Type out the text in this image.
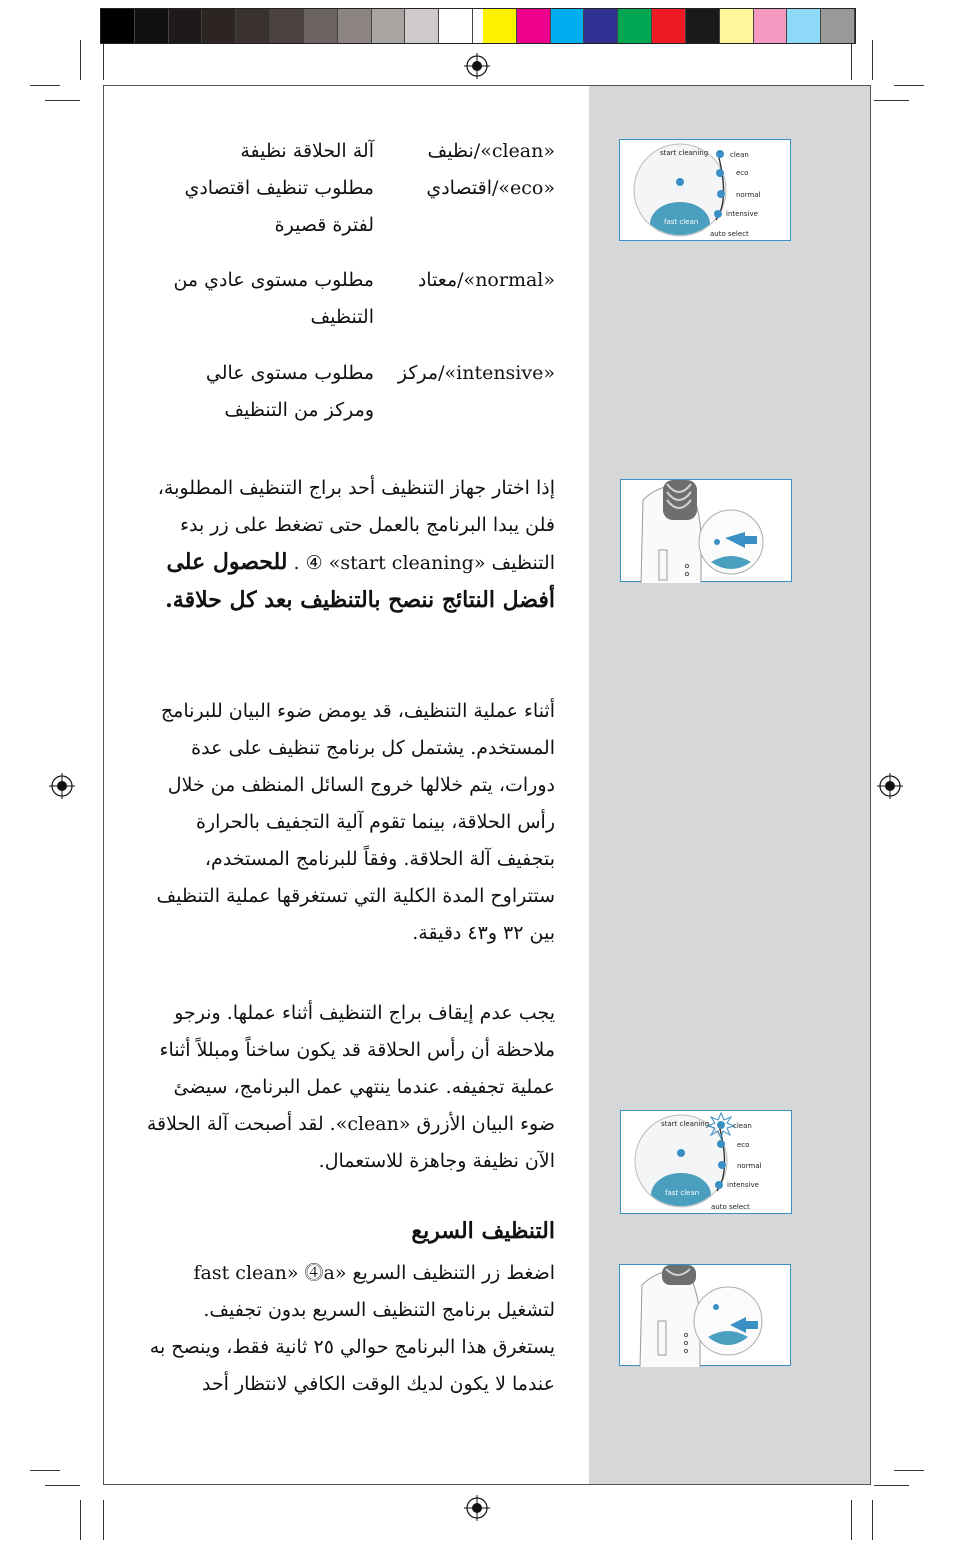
«clean»/نظيف
آلة الحلاقة نظيفة
«eco»/اقتصادي
مطلوب تنظيف اقتصادي لفترة قصيرة
«normal»/معتاد
مطلوب مستوى عادي من التنظيف
«intensive»/مركز
مطلوب مستوى عالي ومركز من التنظيف
إذا اختار جهاز التنظيف أحد براج التنظيف المطلوبة، فلن يبدا البرنامج بالعمل حتى تضغط على زر بدء التنظيف «start cleaning» ④ . للحصول على أفضل النتائج ننصح بالتنظيف بعد كل حلاقة.
أثناء عملية التنظيف، قد يومض ضوء البيان للبرنامج المستخدم. يشتمل كل برنامج تنظيف على عدة دورات، يتم خلالها خروج السائل المنظف من خلال رأس الحلاقة، بينما تقوم آلية التجفيف بالحرارة بتجفيف آلة الحلاقة. وفقاً للبرنامج المستخدم، ستتراوح المدة الكلية التي تستغرقها عملية التنظيف بين ٣٢ و٤٣ دقيقة.
يجب عدم إيقاف براج التنظيف أثناء عملها. ونرجو ملاحظة أن رأس الحلاقة قد يكون ساخناً ومبللاً أثناء عملية تجفيفه. عندما ينتهي عمل البرنامج، سيضئ ضوء البيان الأزرق «clean». لقد أصبحت آلة الحلاقة الآن نظيفة وجاهزة للاستعمال.
التنظيف السريع
اضغط زر التنظيف السريع «fast clean» ⓸a لتشغيل برنامج التنظيف السريع بدون تجفيف. يستغرق هذا البرنامج حوالي ٢٥ ثانية فقط، وينصح به عندما لا يكون لديك الوقت الكافي لانتظار أحد
start cleaning
fast clean
clean
eco
normal
intensive
auto select
start cleaning
fast clean
clean
eco
normal
intensive
auto select
